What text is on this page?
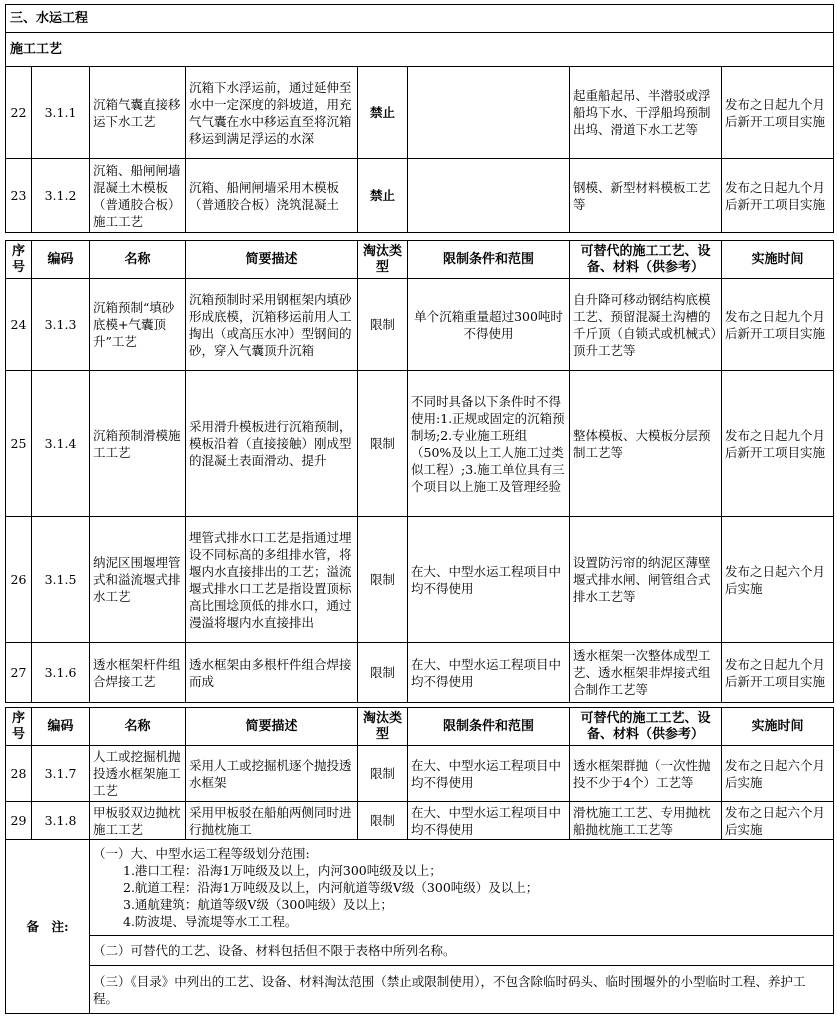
三、水运工程							
施工工艺							
22	3.1.1	沉箱气囊直接移运下水工艺	沉箱下水浮运前，通过延伸至水中一定深度的斜坡道，用充气气囊在水中移运直至将沉箱移运到满足浮运的水深	禁止		起重船起吊、半潜驳或浮船坞下水、干浮船坞预制出坞、滑道下水工艺等	发布之日起九个月后新开工项目实施
23	3.1.2	沉箱、船闸闸墙混凝土木模板（普通胶合板）施工工艺	沉箱、船闸闸墙采用木模板（普通胶合板）浇筑混凝土	禁止		钢模、新型材料模板工艺等	发布之日起九个月后新开工项目实施
序号	编码	名称	简要描述	淘汰类型	限制条件和范围	可替代的施工工艺、设备、材料（供参考）	实施时间
24	3.1.3	沉箱预制“填砂底模+气囊顶升”工艺	沉箱预制时采用钢框架内填砂形成底模，沉箱移运前用人工掏出（或高压水冲）型钢间的砂，穿入气囊顶升沉箱	限制	单个沉箱重量超过300吨时不得使用	自升降可移动钢结构底模工艺、预留混凝土沟槽的千斤顶（自锁式或机械式）顶升工艺等	发布之日起九个月后新开工项目实施
25	3.1.4	沉箱预制滑模施工工艺	采用滑升模板进行沉箱预制，模板沿着（直接接触）刚成型的混凝土表面滑动、提升	限制	不同时具备以下条件时不得使用:1.正规或固定的沉箱预制场;2.专业施工班组（50%及以上工人施工过类似工程）;3.施工单位具有三个项目以上施工及管理经验	整体模板、大模板分层预制工艺等	发布之日起九个月后新开工项目实施
26	3.1.5	纳泥区围堰埋管式和溢流堰式排水工艺	埋管式排水口工艺是指通过埋设不同标高的多组排水管，将堰内水直接排出的工艺；溢流堰式排水口工艺是指设置顶标高比围埝顶低的排水口，通过漫溢将堰内水直接排出	限制	在大、中型水运工程项目中均不得使用	设置防污帘的纳泥区薄壁堰式排水闸、闸管组合式排水工艺等	发布之日起六个月后实施
27	3.1.6	透水框架杆件组合焊接工艺	透水框架由多根杆件组合焊接而成	限制	在大、中型水运工程项目中均不得使用	透水框架一次整体成型工艺、透水框架非焊接式组合制作工艺等	发布之日起九个月后新开工项目实施
序号	编码	名称	简要描述	淘汰类型	限制条件和范围	可替代的施工工艺、设备、材料（供参考）	实施时间
28	3.1.7	人工或挖掘机抛投透水框架施工工艺	采用人工或挖掘机逐个抛投透水框架	限制	在大、中型水运工程项目中均不得使用	透水框架群抛（一次性抛投不少于4个）工艺等	发布之日起六个月后实施
29	3.1.8	甲板驳双边抛枕施工工艺	采用甲板驳在船舶两侧同时进行抛枕施工	限制	在大、中型水运工程项目中均不得使用	滑枕施工工艺、专用抛枕船抛枕施工工艺等	发布之日起六个月后实施
备　注:		（一）大、中型水运工程等级划分范围:
1.港口工程：沿海1万吨级及以上，内河300吨级及以上；
2.航道工程：沿海1万吨级及以上，内河航道等级Ⅴ级（300吨级）及以上；
3.通航建筑：航道等级Ⅴ级（300吨级）及以上；
4.防波堤、导流堤等水工工程。					

		（二）可替代的工艺、设备、材料包括但不限于表格中所列名称。					
		（三）《目录》中列出的工艺、设备、材料淘汰范围（禁止或限制使用），不包含除临时码头、临时围堰外的小型临时工程、养护工程。					
